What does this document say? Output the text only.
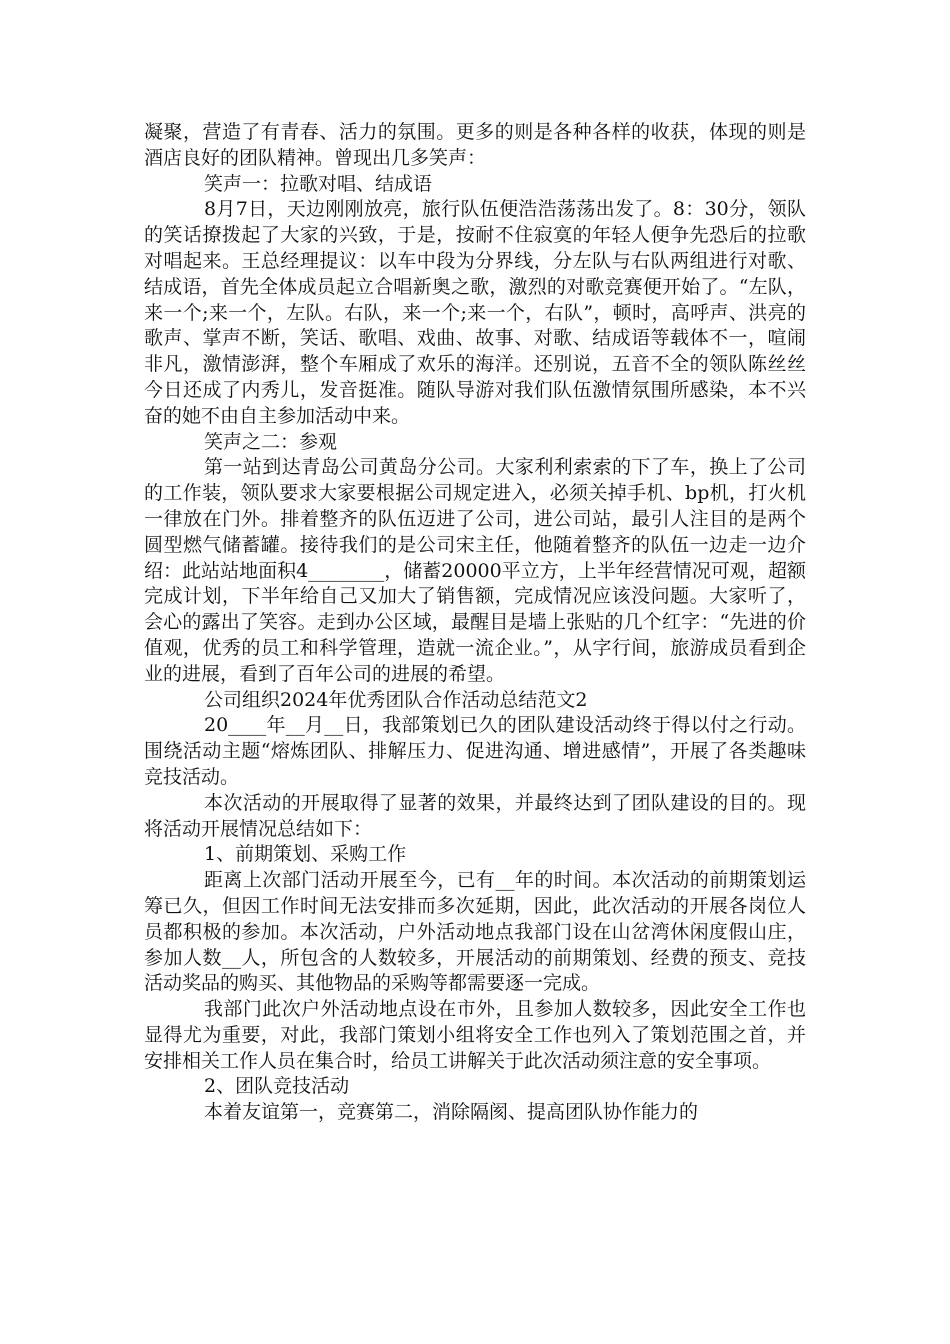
凝聚，营造了有青春、活力的氛围。更多的则是各种各样的收获，体现的则是酒店良好的团队精神。曾现出几多笑声：

笑声一：拉歌对唱、结成语

8月7日，天边刚刚放亮，旅行队伍便浩浩荡荡出发了。8：30分，领队的笑话撩拨起了大家的兴致，于是，按耐不住寂寞的年轻人便争先恐后的拉歌对唱起来。王总经理提议：以车中段为分界线，分左队与右队两组进行对歌、结成语，首先全体成员起立合唱新奥之歌，激烈的对歌竞赛便开始了。“左队，来一个;来一个，左队。右队，来一个;来一个，右队”，顿时，高呼声、洪亮的歌声、掌声不断，笑话、歌唱、戏曲、故事、对歌、结成语等载体不一，喧闹非凡，激情澎湃，整个车厢成了欢乐的海洋。还别说，五音不全的领队陈丝丝今日还成了内秀儿，发音挺准。随队导游对我们队伍激情氛围所感染，本不兴奋的她不由自主参加活动中来。

笑声之二：参观

第一站到达青岛公司黄岛分公司。大家利利索索的下了车，换上了公司的工作装，领队要求大家要根据公司规定进入，必须关掉手机、bp机，打火机一律放在门外。排着整齐的队伍迈进了公司，进公司站，最引人注目的是两个圆型燃气储蓄罐。接待我们的是公司宋主任，他随着整齐的队伍一边走一边介绍：此站站地面积4________，储蓄20000平立方，上半年经营情况可观，超额完成计划，下半年给自己又加大了销售额，完成情况应该没问题。大家听了，会心的露出了笑容。走到办公区域，最醒目是墙上张贴的几个红字：“先进的价值观，优秀的员工和科学管理，造就一流企业。”，从字行间，旅游成员看到企业的进展，看到了百年公司的进展的希望。

公司组织2024年优秀团队合作活动总结范文2

20____年__月__日，我部策划已久的团队建设活动终于得以付之行动。围绕活动主题“熔炼团队、排解压力、促进沟通、增进感情”，开展了各类趣味竞技活动。

本次活动的开展取得了显著的效果，并最终达到了团队建设的目的。现将活动开展情况总结如下：

1、前期策划、采购工作

距离上次部门活动开展至今，已有__年的时间。本次活动的前期策划运筹已久，但因工作时间无法安排而多次延期，因此，此次活动的开展各岗位人员都积极的参加。本次活动，户外活动地点我部门设在山岔湾休闲度假山庄，参加人数__人，所包含的人数较多，开展活动的前期策划、经费的预支、竞技活动奖品的购买、其他物品的采购等都需要逐一完成。

我部门此次户外活动地点设在市外，且参加人数较多，因此安全工作也显得尤为重要，对此，我部门策划小组将安全工作也列入了策划范围之首，并安排相关工作人员在集合时，给员工讲解关于此次活动须注意的安全事项。

2、团队竞技活动

本着友谊第一，竞赛第二，消除隔阂、提高团队协作能力的
